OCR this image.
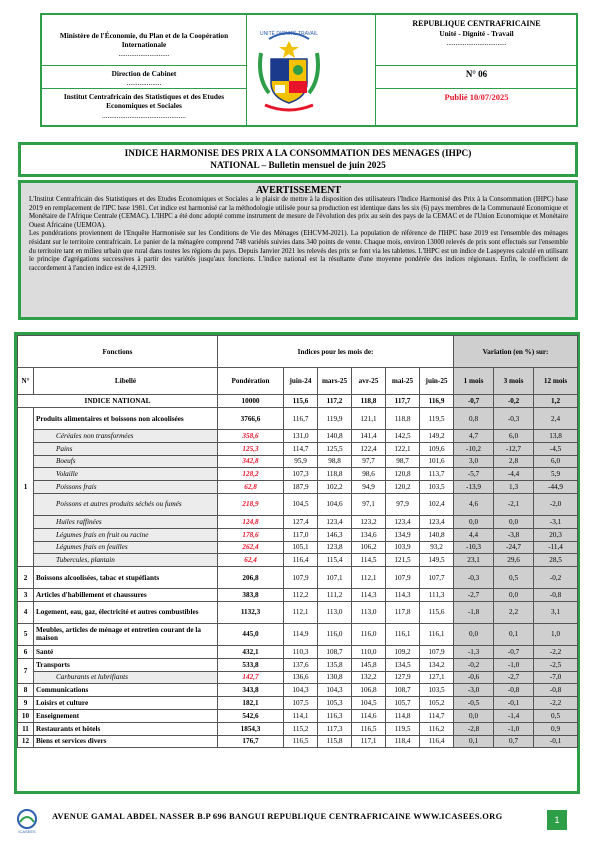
Ministère de l'Économie, du Plan et de la Coopération Internationale
............................
Direction de Cabinet
...................
Institut Centrafricain des Statistiques et des Etudes Economiques et Sociales
..............................................
UNITÉ DIGNITÉ TRAVAIL
REPUBLIQUE CENTRAFRICAINE
Unité - Dignité - Travail
.................................
N° 06
Publié 10/07/2025
INDICE HARMONISE DES PRIX A LA CONSOMMATION DES MENAGES (IHPC)
NATIONAL – Bulletin mensuel de juin 2025
AVERTISSEMENT

L'Institut Centrafricain des Statistiques et des Etudes Economiques et Sociales a le plaisir de mettre à la disposition des utilisateurs l'Indice Harmonisé des Prix à la Consommation (IHPC) base 2019 en remplacement de l'IPC base 1981. Cet indice est harmonisé car la méthodologie utilisée pour sa production est identique dans les six (6) pays membres de la Communauté Economique et Monétaire de l'Afrique Centrale (CEMAC). L'IHPC a été donc adopté comme instrument de mesure de l'évolution des prix au sein des pays de la CEMAC et de l'Union Economique et Monétaire Ouest Africaine (UEMOA).

Les pondérations proviennent de l'Enquête Harmonisée sur les Conditions de Vie des Ménages (EHCVM-2021). La population de référence de l'IHPC base 2019 est l'ensemble des ménages résidant sur le territoire centrafricain. Le panier de la ménagère comprend 748 variétés suivies dans 340 points de vente. Chaque mois, environ 13000 relevés de prix sont effectués sur l'ensemble du territoire tant en milieu urbain que rural dans toutes les régions du pays. Depuis Janvier 2021 les relevés des prix se font via les tablettes. L'IHPC est un indice de Laspeyres calculé en utilisant le principe d'agrégations successives à partir des variétés jusqu'aux fonctions. L'indice national est la résultante d'une moyenne pondérée des indices régionaux. Enfin, le coefficient de raccordement à l'ancien indice est de 4,12919.

Fonctions		Indices pour les mois de:						Variation (en %) sur:		
N°	Libellé	Pondération	juin-24	mars-25	avr-25	mai-25	juin-25	1 mois	3 mois	12 mois
INDICE NATIONAL		10000	115,6	117,2	118,8	117,7	116,9	-0,7	-0,2	1,2
1	Produits alimentaires et boissons non alcoolisées	3766,6	116,7	119,9	121,1	118,8	119,5	0,8	-0,3	2,4
	Céréales non transformées	358,6	131,0	140,8	141,4	142,5	149,2	4,7	6,0	13,8
	Pains	125,3	114,7	125,5	122,4	122,1	109,6	-10,2	-12,7	-4,5
	Boeufs	342,8	95,9	98,8	97,7	98,7	101,6	3,0	2,8	6,0
	Volaille	128,2	107,3	118,8	98,6	120,8	113,7	-5,7	-4,4	5,9
	Poissons frais	62,8	187,9	102,2	94,9	120,2	103,5	-13,9	1,3	-44,9
	Poissons et autres produits séchés ou fumés	218,9	104,5	104,6	97,1	97,9	102,4	4,6	-2,1	-2,0
	Huiles raffinées	124,8	127,4	123,4	123,2	123,4	123,4	0,0	0,0	-3,1
	Légumes frais en fruit ou racine	178,6	117,0	146,3	134,6	134,9	140,8	4,4	-3,8	20,3
	Légumes frais en feuilles	262,4	105,1	123,8	106,2	103,9	93,2	-10,3	-24,7	-11,4
	Tubercules, plantain	62,4	116,4	115,4	114,5	121,5	149,5	23,1	29,6	28,5
2	Boissons alcoolisées, tabac et stupéfiants	206,8	107,9	107,1	112,1	107,9	107,7	-0,3	0,5	-0,2
3	Articles d'habillement et chaussures	383,8	112,2	111,2	114,3	114,3	111,3	-2,7	0,0	-0,8
4	Logement, eau, gaz, électricité et autres combustibles	1132,3	112,1	113,0	113,0	117,8	115,6	-1,8	2,2	3,1
5	Meubles, articles de ménage et entretien courant de la maison	445,0	114,9	116,0	116,0	116,1	116,1	0,0	0,1	1,0
6	Santé	432,1	110,3	108,7	110,0	109,2	107,9	-1,3	-0,7	-2,2
7	Transports	533,8	137,6	135,8	145,8	134,5	134,2	-0,2	-1,0	-2,5
	Carburants et lubrifiants	142,7	136,6	130,8	132,2	127,9	127,1	-0,6	-2,7	-7,0
8	Communications	343,8	104,3	104,3	106,8	108,7	103,5	-3,0	-0,8	-0,8
9	Loisirs et culture	182,1	107,5	105,3	104,5	105,7	105,2	-0,5	-0,1	-2,2
10	Enseignement	542,6	114,1	116,3	114,6	114,8	114,7	0,0	-1,4	0,5
11	Restaurants et hôtels	1854,3	115,2	117,3	116,5	119,5	116,2	-2,8	-1,0	0,9
12	Biens et services divers	176,7	116,5	115,8	117,1	118,4	116,4	0,1	0,7	-0,1
ICASEES
AVENUE GAMAL ABDEL NASSER B.P 696 BANGUI REPUBLIQUE CENTRAFRICAINE WWW.ICASEES.ORG	1
